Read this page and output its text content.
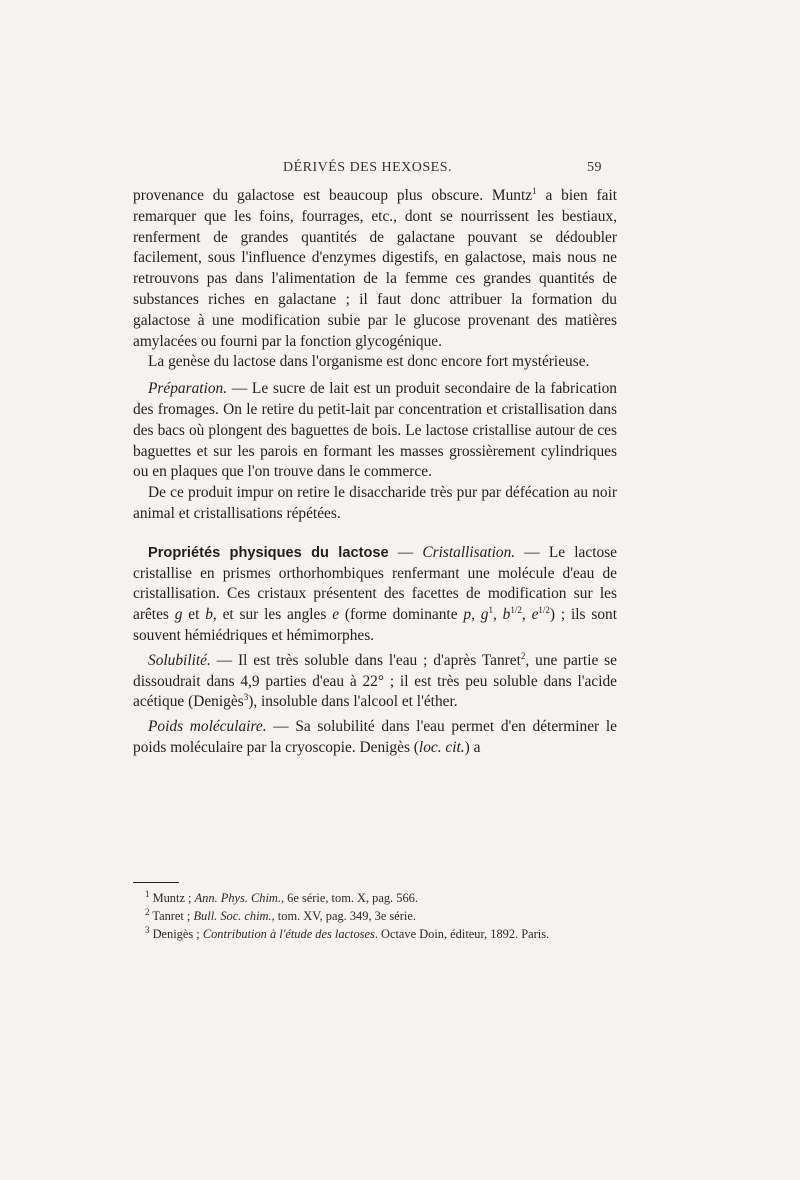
DÉRIVÉS DES HEXOSES.	59

provenance du galactose est beaucoup plus obscure. Muntz$^1$ a bien fait remarquer que les foins, fourrages, etc., dont se nourrissent les bestiaux, renferment de grandes quantités de galactane pouvant se dédoubler facilement, sous l'influence d'enzymes digestifs, en galactose, mais nous ne retrouvons pas dans l'alimentation de la femme ces grandes quantités de substances riches en galactane ; il faut donc attribuer la formation du galactose à une modification subie par le glucose provenant des matières amylacées ou fourni par la fonction glycogénique.

La genèse du lactose dans l'organisme est donc encore fort mystérieuse.

Préparation. — Le sucre de lait est un produit secondaire de la fabrication des fromages. On le retire du petit-lait par concentration et cristallisation dans des bacs où plongent des baguettes de bois. Le lactose cristallise autour de ces baguettes et sur les parois en formant les masses grossièrement cylindriques ou en plaques que l'on trouve dans le commerce.

De ce produit impur on retire le disaccharide très pur par défécation au noir animal et cristallisations répétées.

Propriétés physiques du lactose — Cristallisation. — Le lactose cristallise en prismes orthorhombiques renfermant une molécule d'eau de cristallisation. Ces cristaux présentent des facettes de modification sur les arêtes g et b, et sur les angles e (forme dominante p, $g^1$, $b^{1/2}$, $e^{1/2}$) ; ils sont souvent hémiédriques et hémimorphes.

Solubilité. — Il est très soluble dans l'eau ; d'après Tanret$^2$, une partie se dissoudrait dans 4,9 parties d'eau à 22° ; il est très peu soluble dans l'acide acétique (Denigès$^3$), insoluble dans l'alcool et l'éther.

Poids moléculaire. — Sa solubilité dans l'eau permet d'en déterminer le poids moléculaire par la cryoscopie. Denigès (loc. cit.) a

$^1$ Muntz ; Ann. Phys. Chim., 6e série, tom. X, pag. 566.
$^2$ Tanret ; Bull. Soc. chim., tom. XV, pag. 349, 3e série.
$^3$ Denigès ; Contribution à l'étude des lactoses. Octave Doin, éditeur, 1892. Paris.
